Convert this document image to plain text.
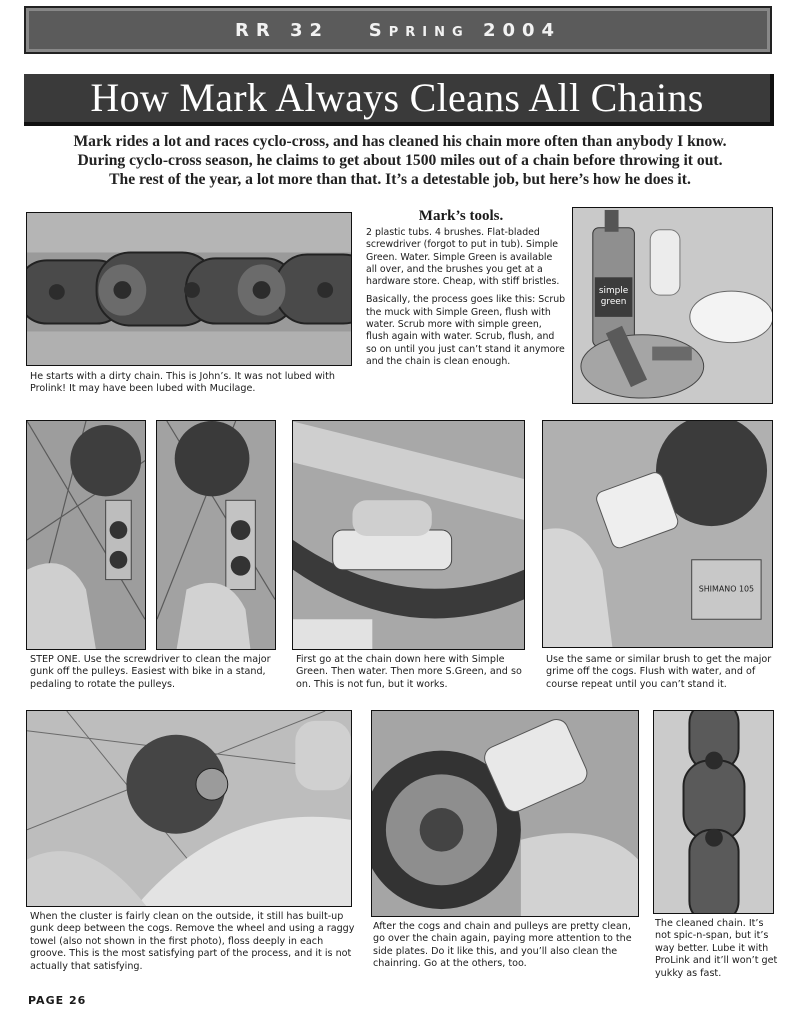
RR 32   Spring 2004
How Mark Always Cleans All Chains
Mark rides a lot and races cyclo-cross, and has cleaned his chain more often than anybody I know.
During cyclo-cross season, he claims to get about 1500 miles out of a chain before throwing it out.
The rest of the year, a lot more than that. It’s a detestable job, but here’s how he does it.
He starts with a dirty chain. This is John’s. It was not lubed with Prolink! It may have been lubed with Mucilage.
Mark’s tools.

2 plastic tubs. 4 brushes. Flat-bladed screwdriver (forgot to put in tub). Simple Green. Water. Simple Green is available all over, and the brushes you get at a hardware store. Cheap, with stiff bristles.

Basically, the process goes like this: Scrub the muck with Simple Green, flush with water. Scrub more with simple green, flush again with water. Scrub, flush, and so on until you just can’t stand it anymore and the chain is clean enough.

simple
green
STEP ONE. Use the screwdriver to clean the major gunk off the pulleys. Easiest with bike in a stand, pedaling to rotate the pulleys.
First go at the chain down here with Simple Green. Then water. Then more S.Green, and so on. This is not fun, but it works.
SHIMANO 105
Use the same or similar brush to get the major grime off the cogs. Flush with water, and of course repeat until you can’t stand it.
When the cluster is fairly clean on the outside, it still has built-up gunk deep between the cogs. Remove the wheel and using a raggy towel (also not shown in the first photo), floss deeply in each groove. This is the most satisfying part of the process, and it is not actually that satisfying.
After the cogs and chain and pulleys are pretty clean, go over the chain again, paying more attention to the side plates. Do it like this, and you’ll also clean the chainring. Go at the others, too.
The cleaned chain. It’s not spic-n-span, but it’s way better. Lube it with ProLink and it’ll won’t get yukky as fast.
PAGE 26
